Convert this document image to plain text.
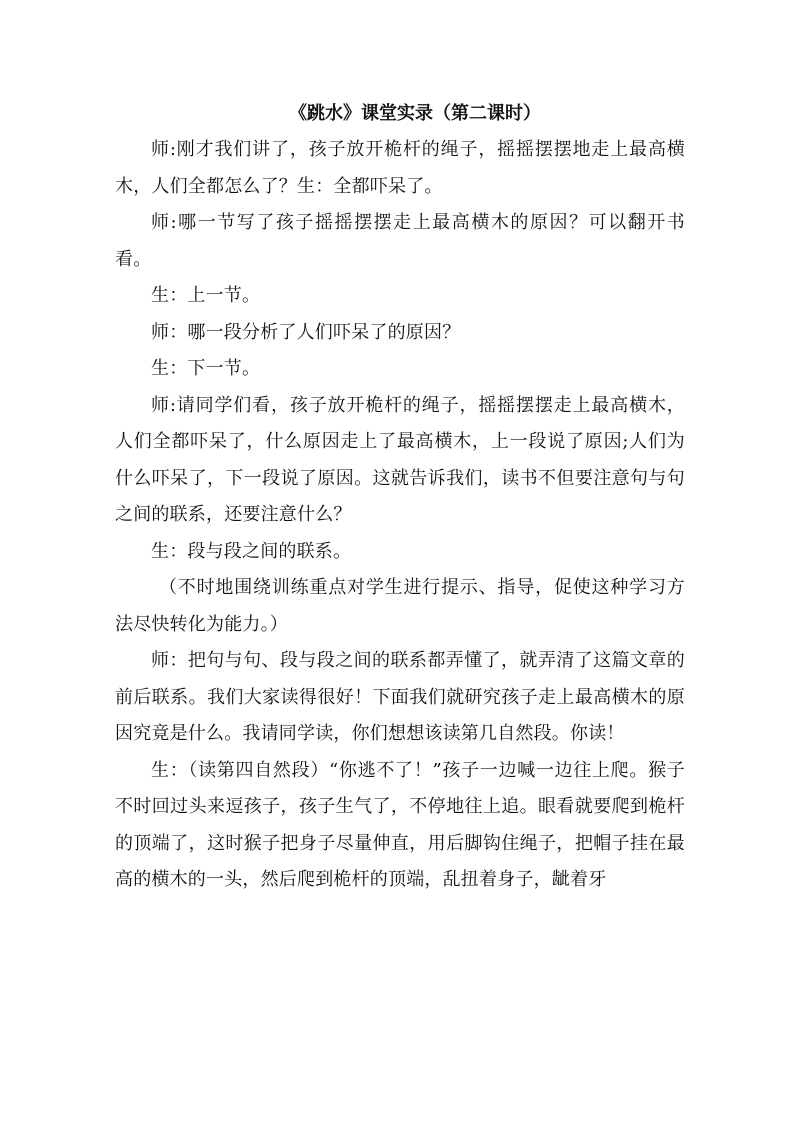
《跳水》课堂实录（第二课时）

师:刚才我们讲了，孩子放开桅杆的绳子，摇摇摆摆地走上最高横木，人们全都怎么了？生：全都吓呆了。

师:哪一节写了孩子摇摇摆摆走上最高横木的原因？可以翻开书看。

生：上一节。

师：哪一段分析了人们吓呆了的原因？

生：下一节。

师:请同学们看，孩子放开桅杆的绳子，摇摇摆摆走上最高横木，人们全都吓呆了，什么原因走上了最高横木，上一段说了原因;人们为什么吓呆了，下一段说了原因。这就告诉我们，读书不但要注意句与句之间的联系，还要注意什么？

生：段与段之间的联系。

（不时地围绕训练重点对学生进行提示、指导，促使这种学习方法尽快转化为能力。）

师：把句与句、段与段之间的联系都弄懂了，就弄清了这篇文章的前后联系。我们大家读得很好！下面我们就研究孩子走上最高横木的原因究竟是什么。我请同学读，你们想想该读第几自然段。你读！

生：（读第四自然段）“你逃不了！”孩子一边喊一边往上爬。猴子不时回过头来逗孩子，孩子生气了，不停地往上追。眼看就要爬到桅杆的顶端了，这时猴子把身子尽量伸直，用后脚钩住绳子，把帽子挂在最高的横木的一头，然后爬到桅杆的顶端，乱扭着身子，龇着牙
